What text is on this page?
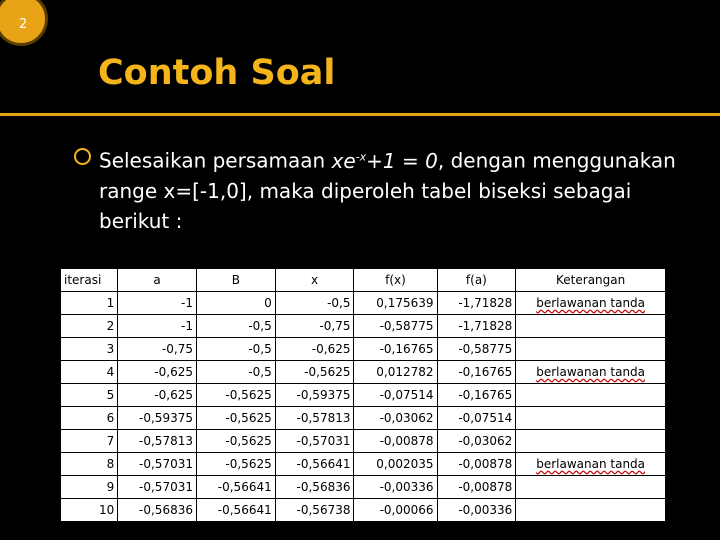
Contoh Soal
2
Selesaikan persamaan $xe^{-x}+1 = 0$, dengan menggunakan range x=[-1,0], maka diperoleh tabel biseksi sebagai berikut :
iterasi	a	B	x	f(x)	f(a)	Keterangan
1	-1	0	-0,5	0,175639	-1,71828	berlawanan tanda
2	-1	-0,5	-0,75	-0,58775	-1,71828	
3	-0,75	-0,5	-0,625	-0,16765	-0,58775	
4	-0,625	-0,5	-0,5625	0,012782	-0,16765	berlawanan tanda
5	-0,625	-0,5625	-0,59375	-0,07514	-0,16765	
6	-0,59375	-0,5625	-0,57813	-0,03062	-0,07514	
7	-0,57813	-0,5625	-0,57031	-0,00878	-0,03062	
8	-0,57031	-0,5625	-0,56641	0,002035	-0,00878	berlawanan tanda
9	-0,57031	-0,56641	-0,56836	-0,00336	-0,00878	
10	-0,56836	-0,56641	-0,56738	-0,00066	-0,00336	
